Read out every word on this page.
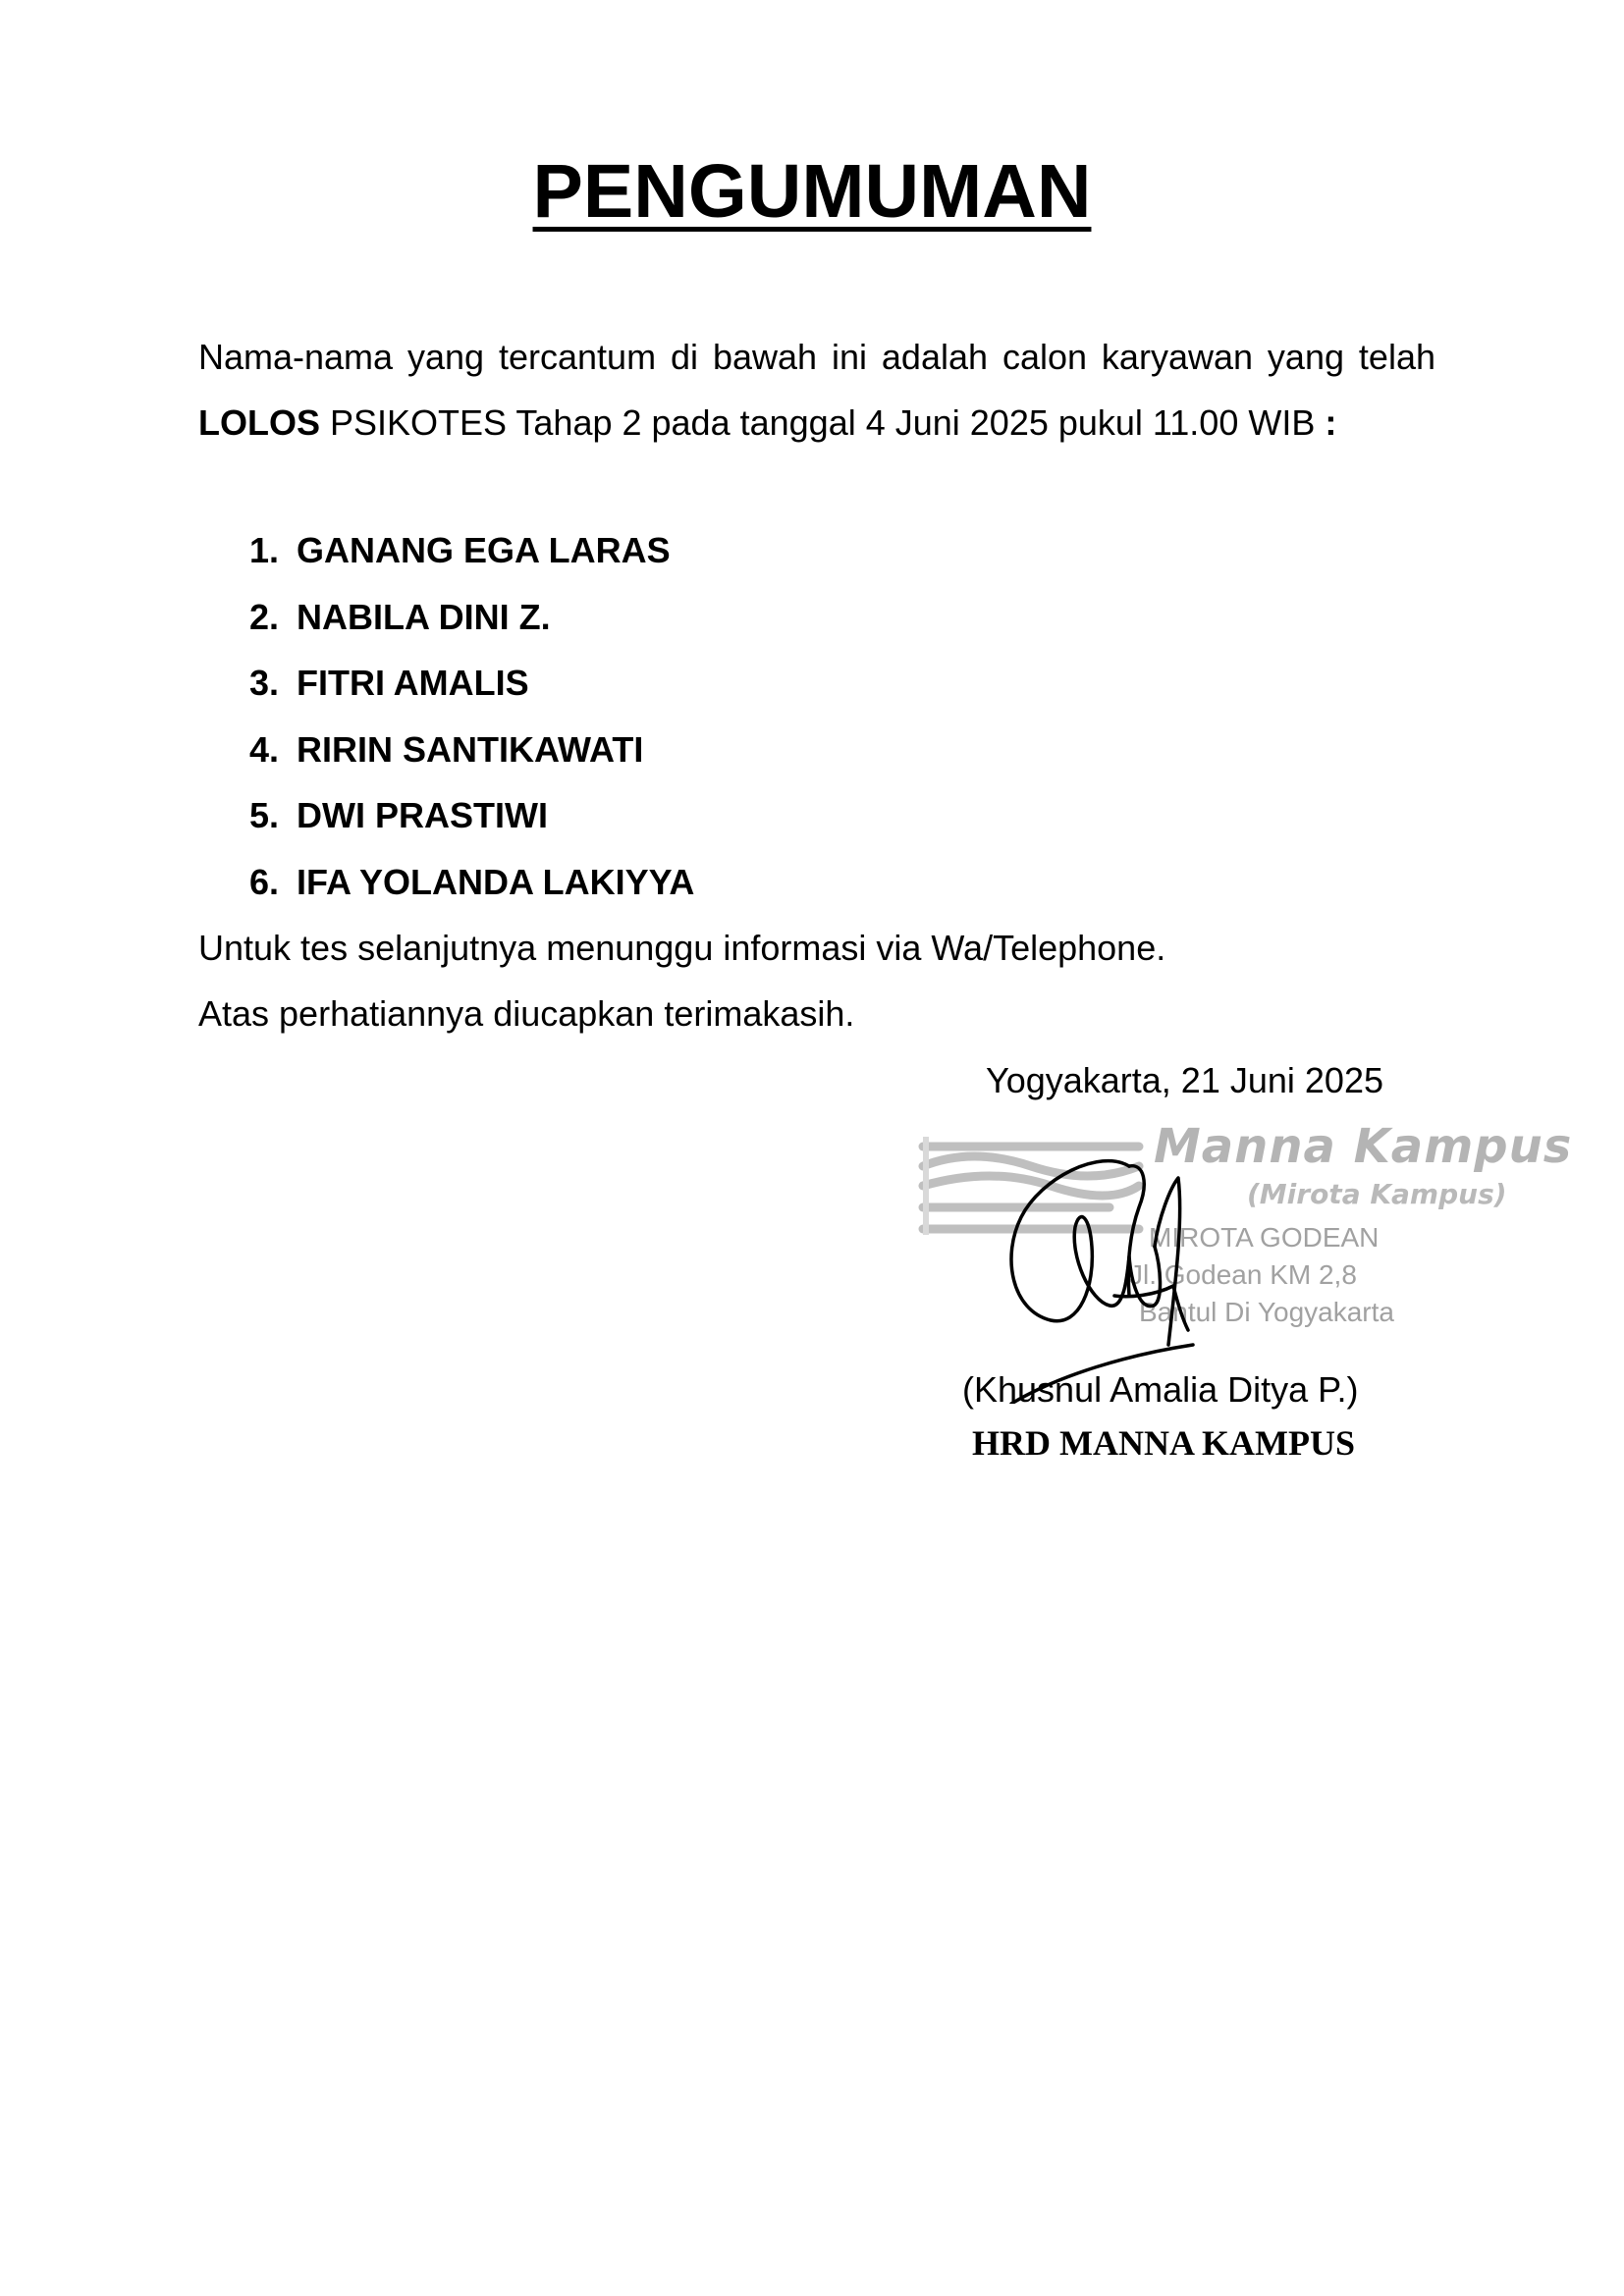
PENGUMUMAN

Nama-nama yang tercantum di bawah ini adalah calon karyawan yang telah LOLOS PSIKOTES Tahap 2 pada tanggal 4 Juni 2025 pukul 11.00 WIB :

1. GANANG EGA LARAS
2. NABILA DINI Z.
3. FITRI AMALIS
4. RIRIN SANTIKAWATI
5. DWI PRASTIWI
6. IFA YOLANDA LAKIYYA

Untuk tes selanjutnya menunggu informasi via Wa/Telephone.

Atas perhatiannya diucapkan terimakasih.

Yogyakarta, 21 Juni 2025

Manna Kampus
(Mirota Kampus)
MIROTA GODEAN
Jl. Godean KM 2,8
Bantul Di Yogyakarta

(Khusnul Amalia Ditya P.)

HRD MANNA KAMPUS
